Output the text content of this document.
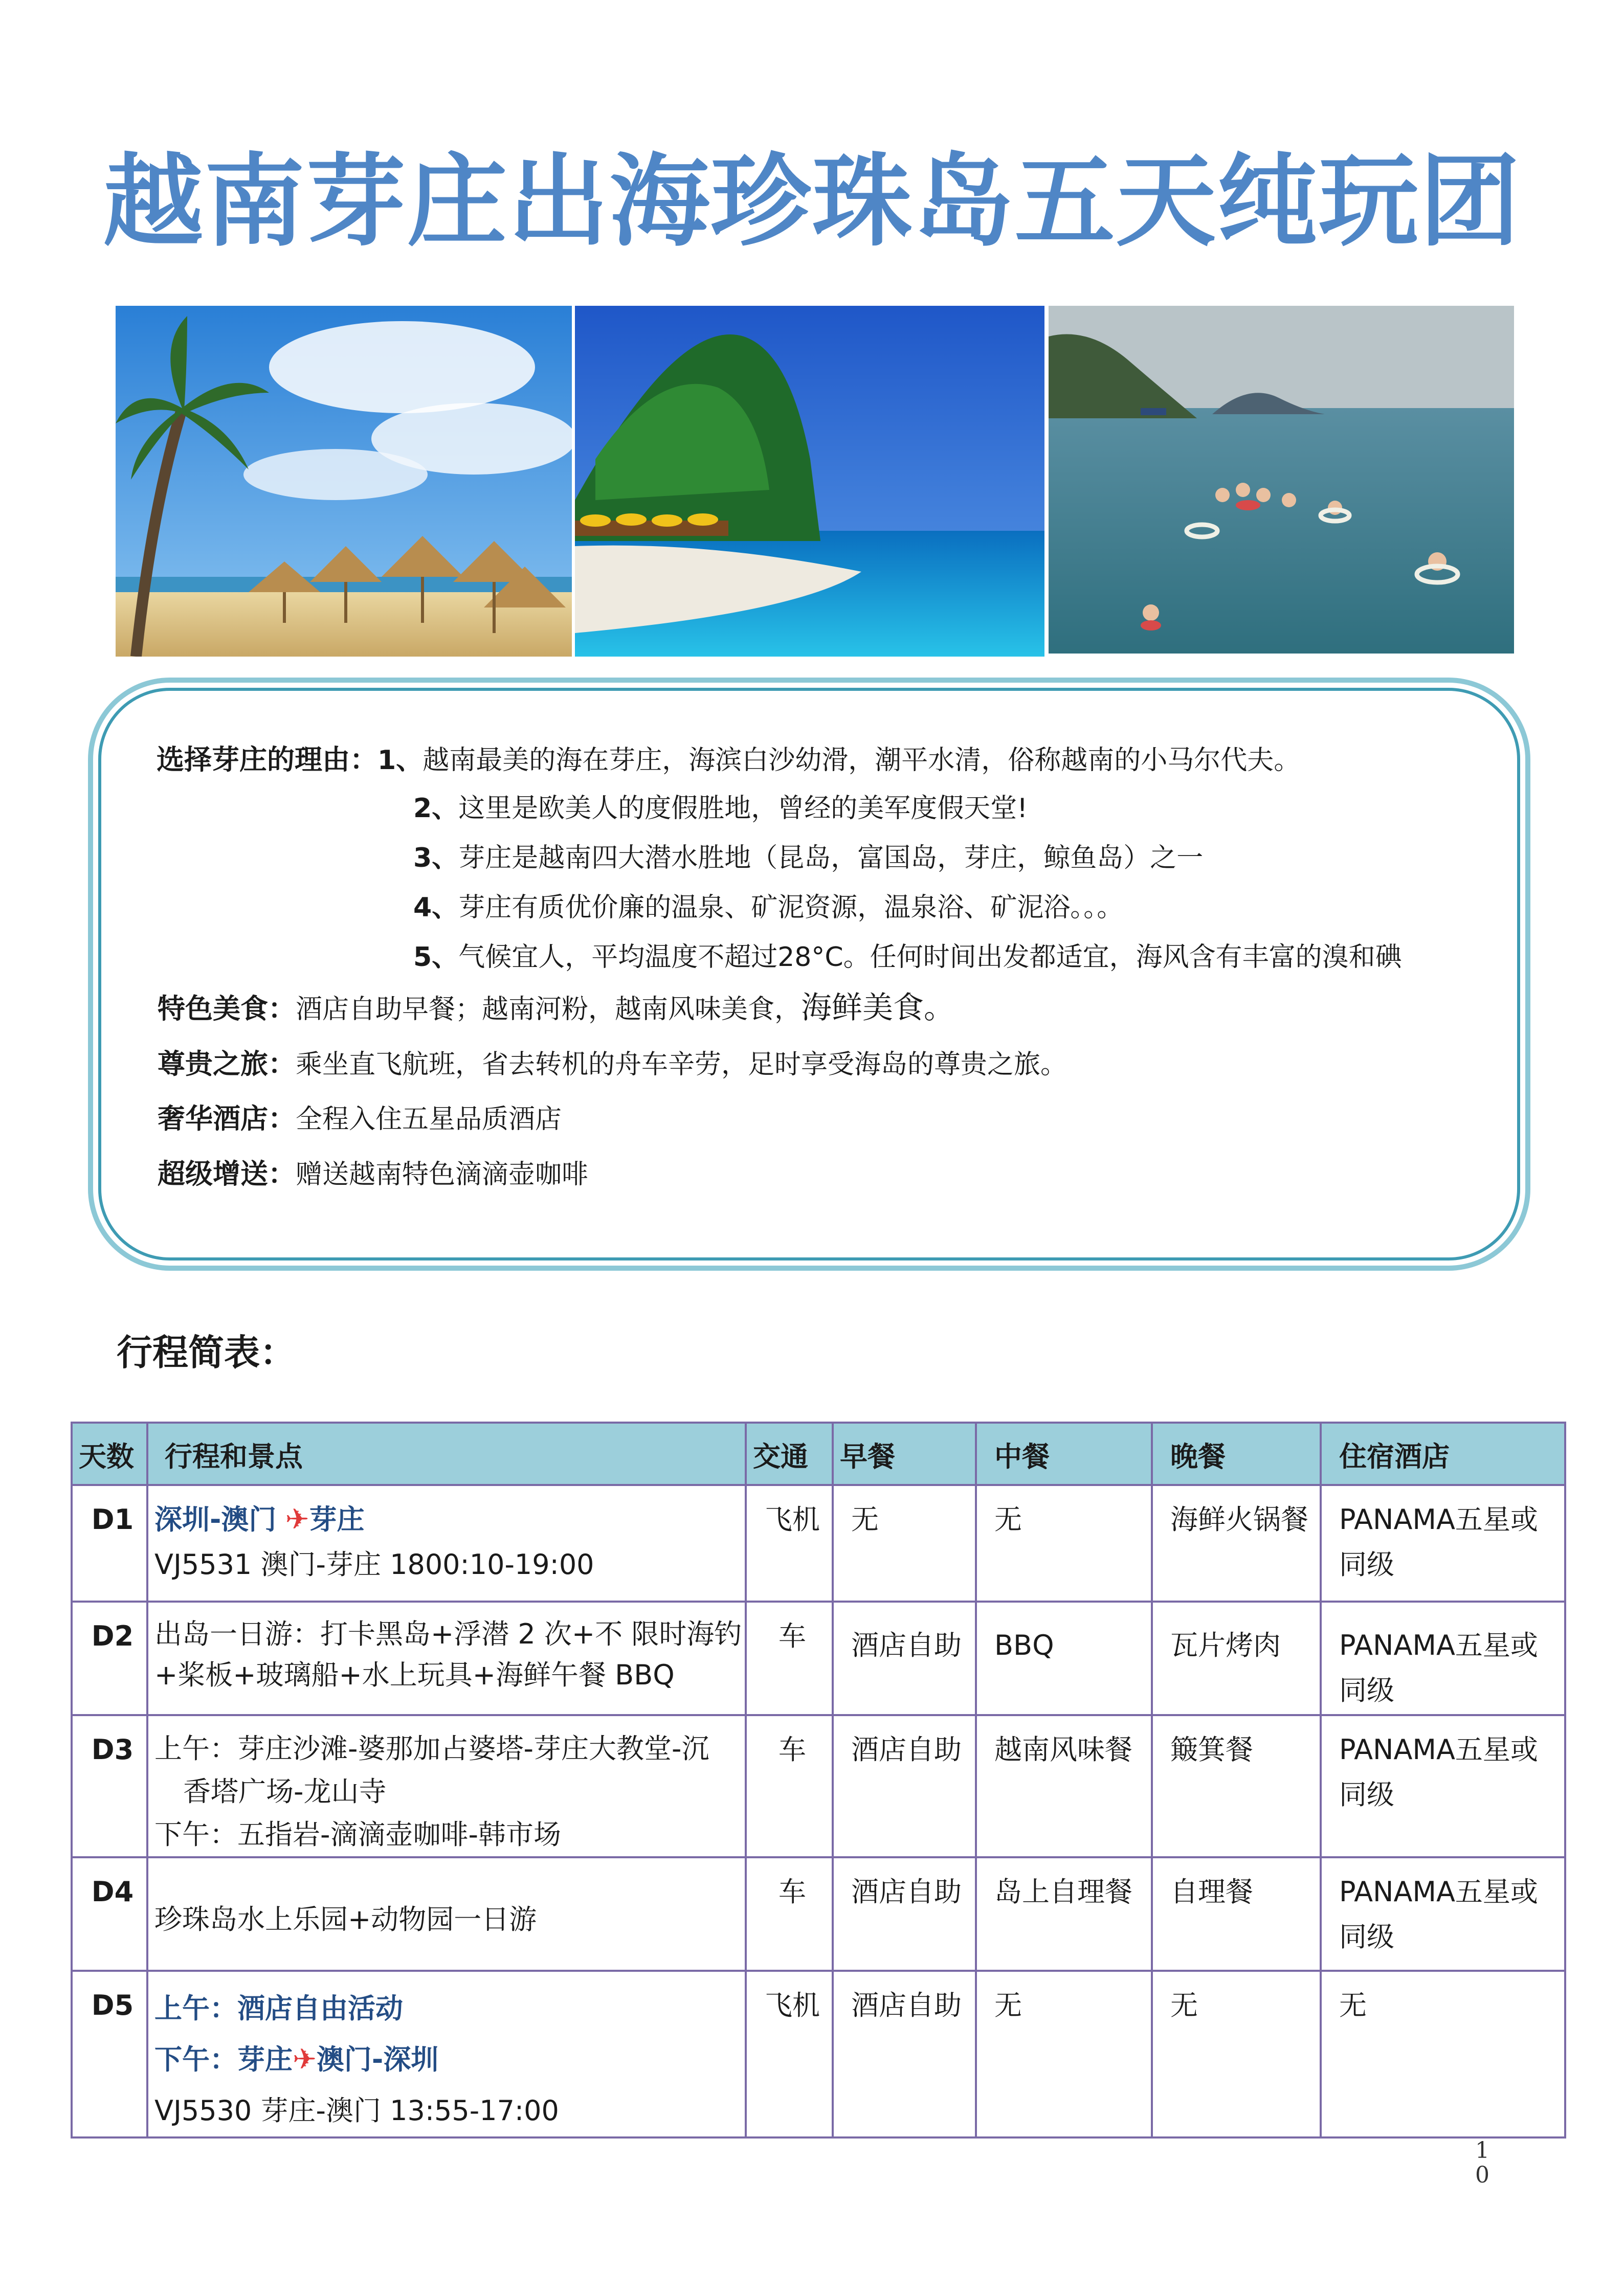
越南芽庄出海珍珠岛五天纯玩团
选择芽庄的理由：1、越南最美的海在芽庄，海滨白沙幼滑，潮平水清，俗称越南的小马尔代夫。
2、这里是欧美人的度假胜地，曾经的美军度假天堂!
3、芽庄是越南四大潜水胜地（昆岛，富国岛，芽庄，鲸鱼岛）之一
4、芽庄有质优价廉的温泉、矿泥资源，温泉浴、矿泥浴。。。
5、气候宜人，平均温度不超过28°C。任何时间出发都适宜，海风含有丰富的溴和碘
特色美食：酒店自助早餐；越南河粉，越南风味美食，海鲜美食。
尊贵之旅：乘坐直飞航班，省去转机的舟车辛劳，足时享受海岛的尊贵之旅。
奢华酒店：全程入住五星品质酒店
超级增送：赠送越南特色滴滴壶咖啡
行程简表：
天数	行程和景点	交通	早餐	中餐	晚餐	住宿酒店
D1	深圳-澳门 ✈芽庄
VJ5531 澳门-芽庄 1800:10-19:00	飞机	无	无	海鲜火锅餐	PANAMA五星或同级
D2	出岛一日游：打卡黑岛+浮潜 2 次+不 限时海钓+桨板+玻璃船+水上玩具+海鲜午餐 BBQ	车	酒店自助	BBQ	瓦片烤肉	PANAMA五星或同级
D3	上午：芽庄沙滩-婆那加占婆塔-芽庄大教堂-沉
香塔广场-龙山寺
下午：五指岩-滴滴壶咖啡-韩市场	车	酒店自助	越南风味餐	簸箕餐	PANAMA五星或同级
D4	珍珠岛水上乐园+动物园一日游	车	酒店自助	岛上自理餐	自理餐	PANAMA五星或同级
D5	上午：酒店自由活动
下午：芽庄✈澳门-深圳
VJ5530 芽庄-澳门 13:55-17:00	飞机	酒店自助	无	无	无
1
0
